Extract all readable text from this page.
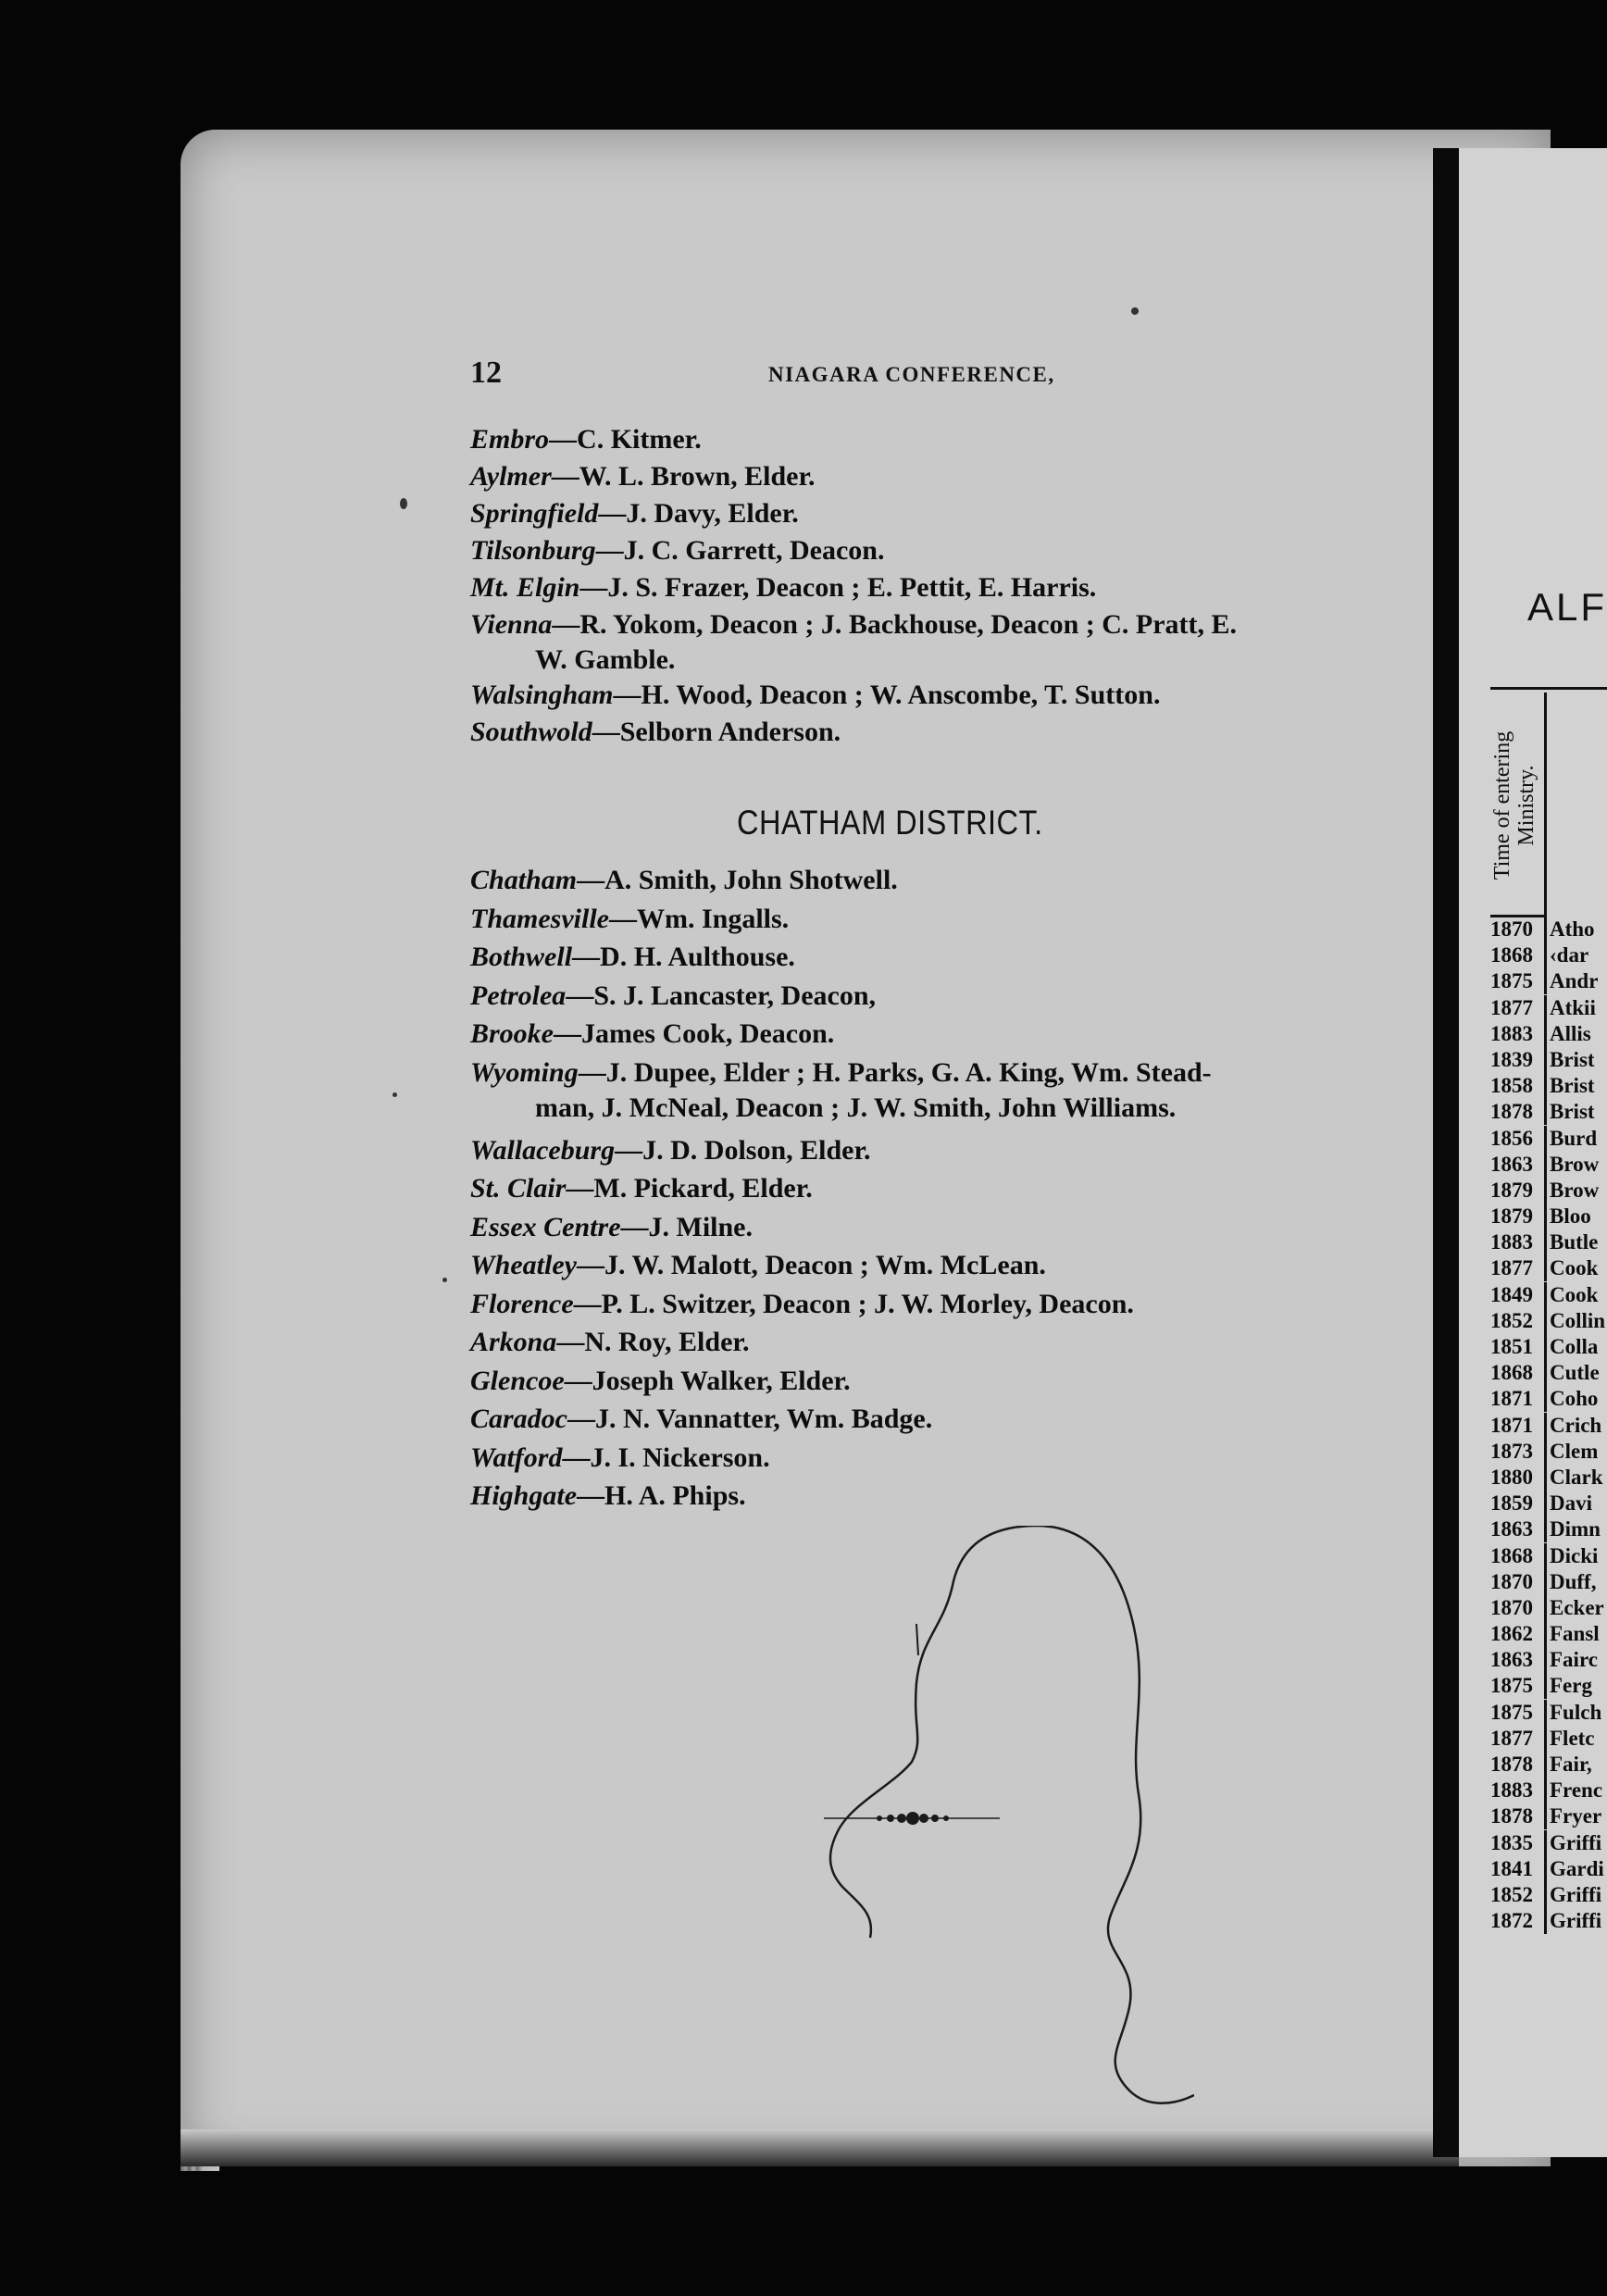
12	NIAGARA CONFERENCE,
Embro—C. Kitmer.
Aylmer—W. L. Brown, Elder.
Springfield—J. Davy, Elder.
Tilsonburg—J. C. Garrett, Deacon.
Mt. Elgin—J. S. Frazer, Deacon ; E. Pettit, E. Harris.
Vienna—R. Yokom, Deacon ; J. Backhouse, Deacon ; C. Pratt, E.
W. Gamble.
Walsingham—H. Wood, Deacon ; W. Anscombe, T. Sutton.
Southwold—Selborn Anderson.
Chatham—A. Smith, John Shotwell.
Thamesville—Wm. Ingalls.
Bothwell—D. H. Aulthouse.
Petrolea—S. J. Lancaster, Deacon,
Brooke—James Cook, Deacon.
Wyoming—J. Dupee, Elder ; H. Parks, G. A. King, Wm. Stead-
man, J. McNeal, Deacon ; J. W. Smith, John Williams.
Wallaceburg—J. D. Dolson, Elder.
St. Clair—M. Pickard, Elder.
Essex Centre—J. Milne.
Wheatley—J. W. Malott, Deacon ; Wm. McLean.
Florence—P. L. Switzer, Deacon ; J. W. Morley, Deacon.
Arkona—N. Roy, Elder.
Glencoe—Joseph Walker, Elder.
Caradoc—J. N. Vannatter, Wm. Badge.
Watford—J. I. Nickerson.
Highgate—H. A. Phips.
CHATHAM DISTRICT.
ALF
Time of entering Ministry.
1870 Atho
1868 ‹dar
1875 Andr
1877 Atkii
1883 Allis
1839 Brist
1858 Brist
1878 Brist
1856 Burd
1863 Brow
1879 Brow
1879 Bloo
1883 Butle
1877 Cook
1849 Cook
1852 Collin
1851 Colla
1868 Cutle
1871 Coho
1871 Crich
1873 Clem
1880 Clark
1859 Davi
1863 Dimn
1868 Dicki
1870 Duff,
1870 Ecker
1862 Fansl
1863 Fairc
1875 Ferg
1875 Fulch
1877 Fletc
1878 Fair,
1883 Frenc
1878 Fryer
1835 Griffi
1841 Gardi
1852 Griffi
1872 Griffi
